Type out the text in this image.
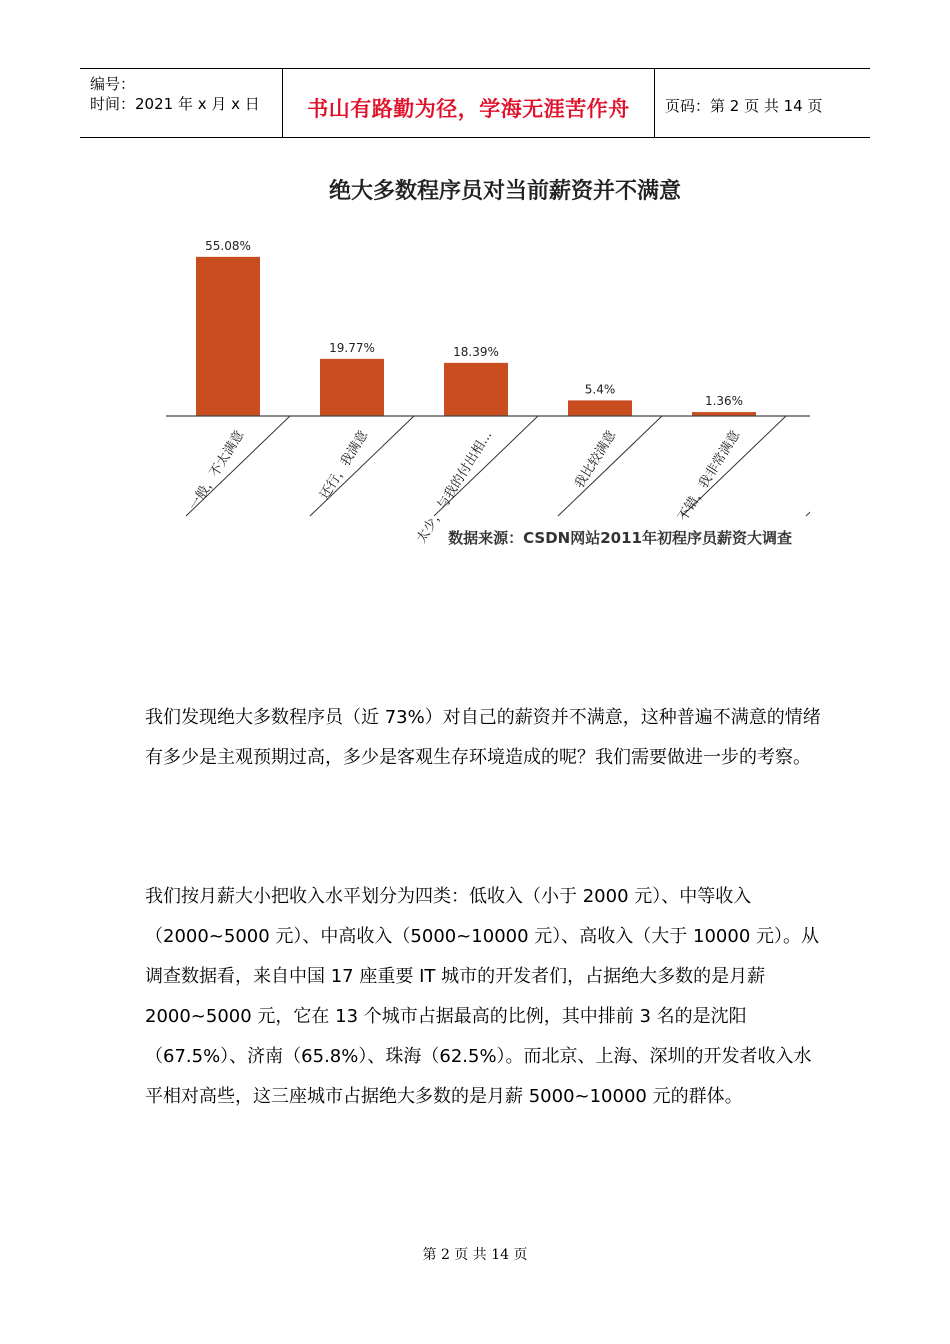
编号：
时间：2021 年 x 月 x 日	书山有路勤为径，学海无涯苦作舟	页码：第 2 页 共 14 页
绝大多数程序员对当前薪资并不满意
55.08%
19.77%	18.39%
5.4%
1.36%
一般，不太满意	还行，我满意	太少，与我的付出相...	我比较满意	不错，我非常满意
数据来源：CSDN网站2011年初程序员薪资大调查
我们发现绝大多数程序员（近 73%）对自己的薪资并不满意，这种普遍不满意的情绪有多少是主观预期过高，多少是客观生存环境造成的呢？我们需要做进一步的考察。
我们按月薪大小把收入水平划分为四类：低收入（小于 2000 元）、中等收入（2000~5000 元）、中高收入（5000~10000 元）、高收入（大于 10000 元）。从调查数据看，来自中国 17 座重要 IT 城市的开发者们，占据绝大多数的是月薪 2000~5000 元，它在 13 个城市占据最高的比例，其中排前 3 名的是沈阳（67.5%）、济南（65.8%）、珠海（62.5%）。而北京、上海、深圳的开发者收入水平相对高些，这三座城市占据绝大多数的是月薪 5000~10000 元的群体。
第 2 页 共 14 页
